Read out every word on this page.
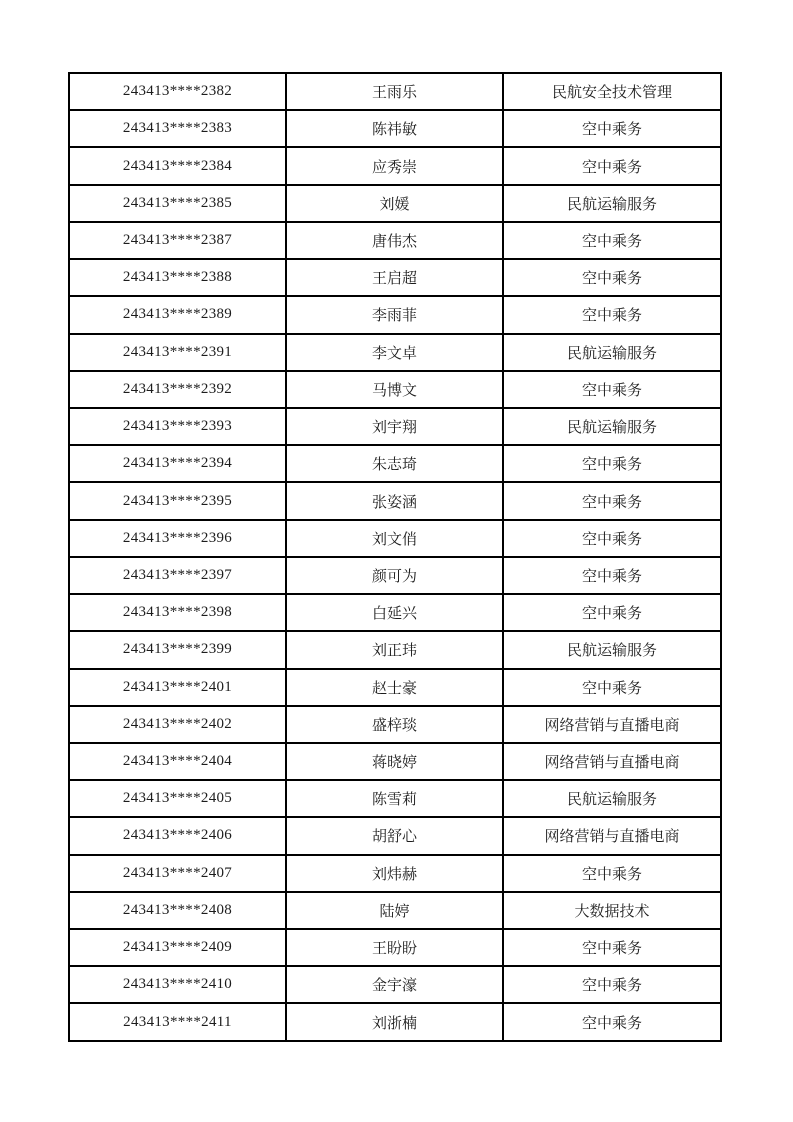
243413****2382	王雨乐	民航安全技术管理
243413****2383	陈祎敏	空中乘务
243413****2384	应秀崇	空中乘务
243413****2385	刘媛	民航运输服务
243413****2387	唐伟杰	空中乘务
243413****2388	王启超	空中乘务
243413****2389	李雨菲	空中乘务
243413****2391	李文卓	民航运输服务
243413****2392	马博文	空中乘务
243413****2393	刘宇翔	民航运输服务
243413****2394	朱志琦	空中乘务
243413****2395	张姿涵	空中乘务
243413****2396	刘文俏	空中乘务
243413****2397	颜可为	空中乘务
243413****2398	白延兴	空中乘务
243413****2399	刘正玮	民航运输服务
243413****2401	赵士豪	空中乘务
243413****2402	盛梓琰	网络营销与直播电商
243413****2404	蒋晓婷	网络营销与直播电商
243413****2405	陈雪莉	民航运输服务
243413****2406	胡舒心	网络营销与直播电商
243413****2407	刘炜赫	空中乘务
243413****2408	陆婷	大数据技术
243413****2409	王盼盼	空中乘务
243413****2410	金宇濠	空中乘务
243413****2411	刘浙楠	空中乘务
